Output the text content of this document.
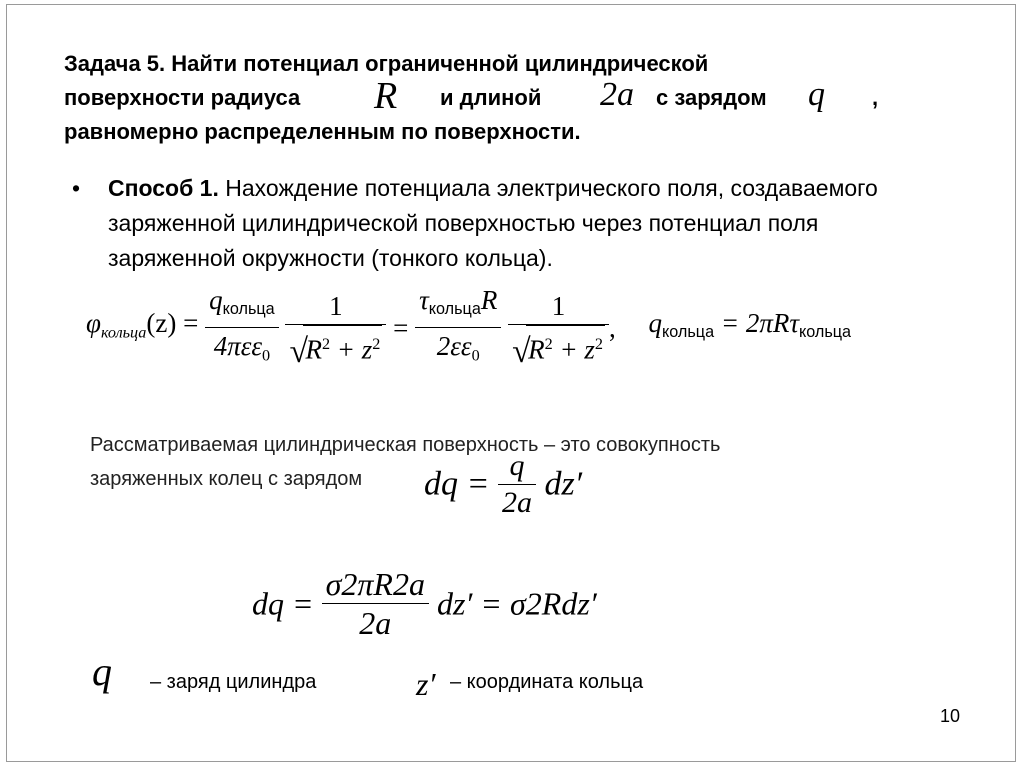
Задача 5. Найти потенциал ограниченной цилиндрической
поверхности радиуса R и длиной 2a с зарядом q ,
равномерно распределенным по поверхности.
• Способ 1. Нахождение потенциала электрического поля, создаваемого
заряженной цилиндрической поверхностью через потенциал поля
заряженной окружности (тонкого кольца).
$\varphi_{кольца}(z) = \frac{\text{qкольца}}{4\pi\varepsilon\varepsilon_0}$
1
√
$R^2 + z^2 = \frac{\text{τкольцаR}}{2\varepsilon\varepsilon_0}$
1
√
$R^2 + z^2$ , qкольца = 2πRτкольца
Рассматриваемая цилиндрическая поверхность – это совокупность
заряженных колец с зарядом dq = $\frac{q}{2a} dz'$
dq = $\frac{\sigma 2\pi R2a}{2a} dz' = \sigma 2Rdz'$
q – заряд цилиндра	z′ – координата кольца
10
